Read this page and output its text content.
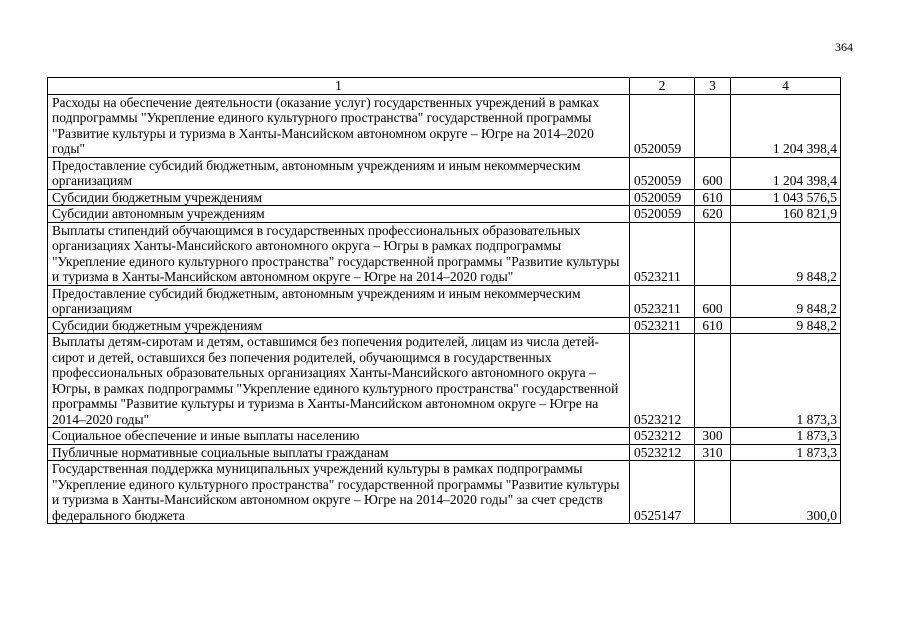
364
1	2	3	4
Расходы на обеспечение деятельности (оказание услуг) государственных учреждений в рамках подпрограммы "Укрепление единого культурного пространства" государственной программы "Развитие культуры и туризма в Ханты-Мансийском автономном округе – Югре на 2014–2020 годы"	0520059		1 204 398,4
Предоставление субсидий бюджетным, автономным учреждениям и иным некоммерческим организациям	0520059	600	1 204 398,4
Субсидии бюджетным учреждениям	0520059	610	1 043 576,5
Субсидии автономным учреждениям	0520059	620	160 821,9
Выплаты стипендий обучающимся в государственных профессиональных образовательных организациях Ханты-Мансийского автономного округа – Югры в рамках подпрограммы "Укрепление единого культурного пространства" государственной программы "Развитие культуры и туризма в Ханты-Мансийском автономном округе – Югре на 2014–2020 годы"	0523211		9 848,2
Предоставление субсидий бюджетным, автономным учреждениям и иным некоммерческим организациям	0523211	600	9 848,2
Субсидии бюджетным учреждениям	0523211	610	9 848,2
Выплаты детям-сиротам и детям, оставшимся без попечения родителей, лицам из числа детей-сирот и детей, оставшихся без попечения родителей, обучающимся в государственных профессиональных образовательных организациях Ханты-Мансийского автономного округа – Югры, в рамках подпрограммы "Укрепление единого культурного пространства" государственной программы "Развитие культуры и туризма в Ханты-Мансийском автономном округе – Югре на 2014–2020 годы"	0523212		1 873,3
Социальное обеспечение и иные выплаты населению	0523212	300	1 873,3
Публичные нормативные социальные выплаты гражданам	0523212	310	1 873,3
Государственная поддержка муниципальных учреждений культуры в рамках подпрограммы "Укрепление единого культурного пространства" государственной программы "Развитие культуры и туризма в Ханты-Мансийском автономном округе – Югре на 2014–2020 годы" за счет средств федерального бюджета	0525147		300,0
